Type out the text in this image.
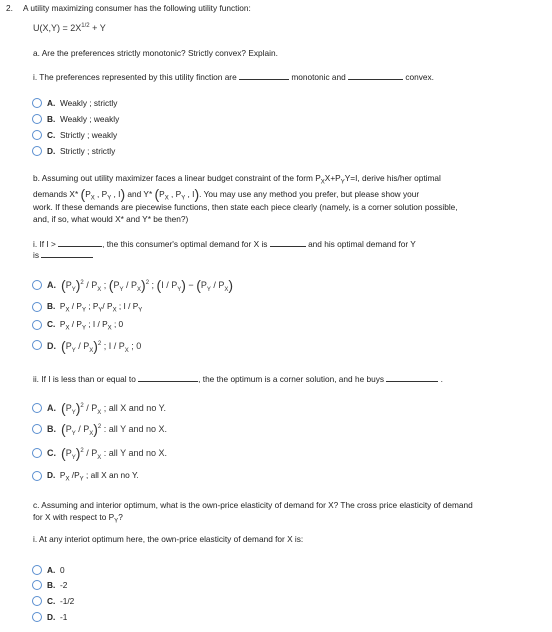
2. A utility maximizing consumer has the following utility function:
$U(X,Y) = 2X^{1/2} + Y$
a. Are the preferences strictly monotonic? Strictly convex? Explain.
i. The preferences represented by this utility finction are	monotonic and	convex.
A. Weakly ; strictly
B. Weakly ; weakly
C. Strictly ; weakly
D. Strictly ; strictly
b. Assuming out utility maximizer faces a linear budget constraint of the form $P_XX+P_YY=I$, derive his/her optimal
demands X* ($P_X$ , $P_Y$ , I) and Y* ($P_X$ , $P_Y$ , I). You may use any method you prefer, but please show your
work. If these demands are piecewise functions, then state each piece clearly (namely, is a corner solution possible,
and, if so, what would X* and Y* be then?)
i. If I >	, the this consumer's optimal demand for X is	and his optimal demand for Y
is
A. $(P_Y)^2 / P_X$ ; $(P_Y / P_X)^2$ ; $(I / P_Y) - (P_Y / P_X)$
B.  $P_X / P_Y$ ; $P_Y/$ $P_X$ ; I / $P_Y$
C.  $P_X / P_Y$ ; I / $P_X$ ; 0
D. $(P_Y / P_X)^2$ ; I / $P_X$ ; 0
ii. If I is less than or equal to	, the the optimum is a corner solution, and he buys	.
A. $(P_Y)^2 / P_X$ ; all X and no Y.
B. $(P_Y / P_X)^2$ : all Y and no X.
C. $(P_Y)^2 / P_X$ : all Y and no X.
D.  $P_X$ $/P_Y$ ; all X an no Y.
c. Assuming and interior optimum, what is the own-price elasticity of demand for X? The cross price elasticity of demand
for X with respect to $P_Y$?
i. At any interiot optimum here, the own-price elasticity of demand for X is:
A. 0
B. -2
C. -1/2
D. -1
